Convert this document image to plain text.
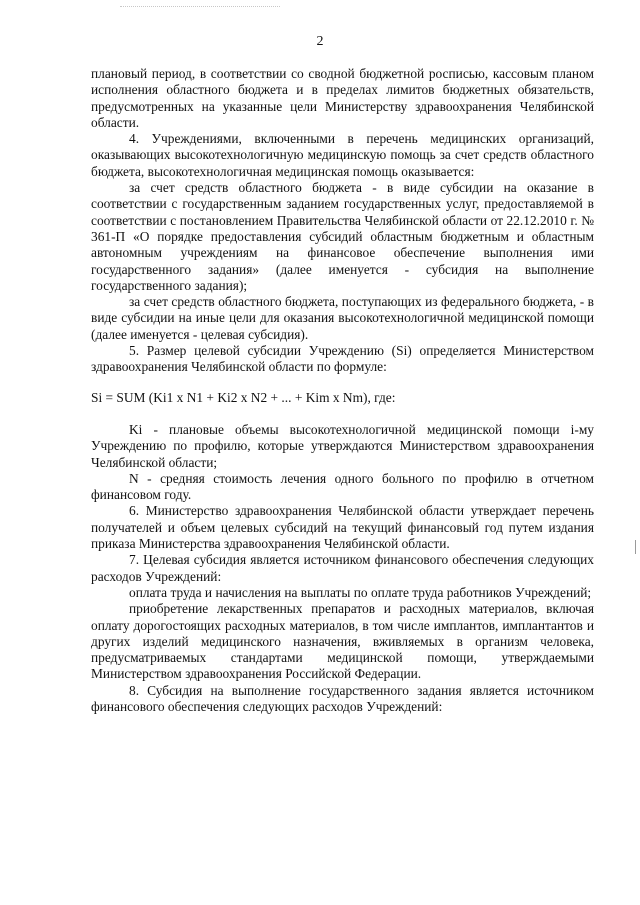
2

плановый период, в соответствии со сводной бюджетной росписью, кассовым планом исполнения областного бюджета и в пределах лимитов бюджетных обязательств, предусмотренных на указанные цели Министерству здравоохранения Челябинской области.

4. Учреждениями, включенными в перечень медицинских организаций, оказывающих высокотехнологичную медицинскую помощь за счет средств областного бюджета, высокотехнологичная медицинская помощь оказывается:

за счет средств областного бюджета - в виде субсидии на оказание в соответствии с государственным заданием государственных услуг, предоставляемой в соответствии с постановлением Правительства Челябинской области от 22.12.2010 г. № 361-П «О порядке предоставления субсидий областным бюджетным и областным автономным учреждениям на финансовое обеспечение выполнения ими государственного задания» (далее именуется - субсидия на выполнение государственного задания);

за счет средств областного бюджета, поступающих из федерального бюджета, - в виде субсидии на иные цели для оказания высокотехнологичной медицинской помощи (далее именуется - целевая субсидия).

5. Размер целевой субсидии Учреждению (Si) определяется Министерством здравоохранения Челябинской области по формуле:

Si = SUM (Ki1 x N1 + Ki2 x N2 + ... + Kim x Nm), где:

Ki - плановые объемы высокотехнологичной медицинской помощи i-му Учреждению по профилю, которые утверждаются Министерством здравоохранения Челябинской области;

N - средняя стоимость лечения одного больного по профилю в отчетном финансовом году.

6. Министерство здравоохранения Челябинской области утверждает перечень получателей и объем целевых субсидий на текущий финансовый год путем издания приказа Министерства здравоохранения Челябинской области.

7. Целевая субсидия является источником финансового обеспечения следующих расходов Учреждений:

оплата труда и начисления на выплаты по оплате труда работников Учреждений;

приобретение лекарственных препаратов и расходных материалов, включая оплату дорогостоящих расходных материалов, в том числе имплантов, имплантантов и других изделий медицинского назначения, вживляемых в организм человека, предусматриваемых стандартами медицинской помощи, утверждаемыми Министерством здравоохранения Российской Федерации.

8. Субсидия на выполнение государственного задания является источником финансового обеспечения следующих расходов Учреждений:
